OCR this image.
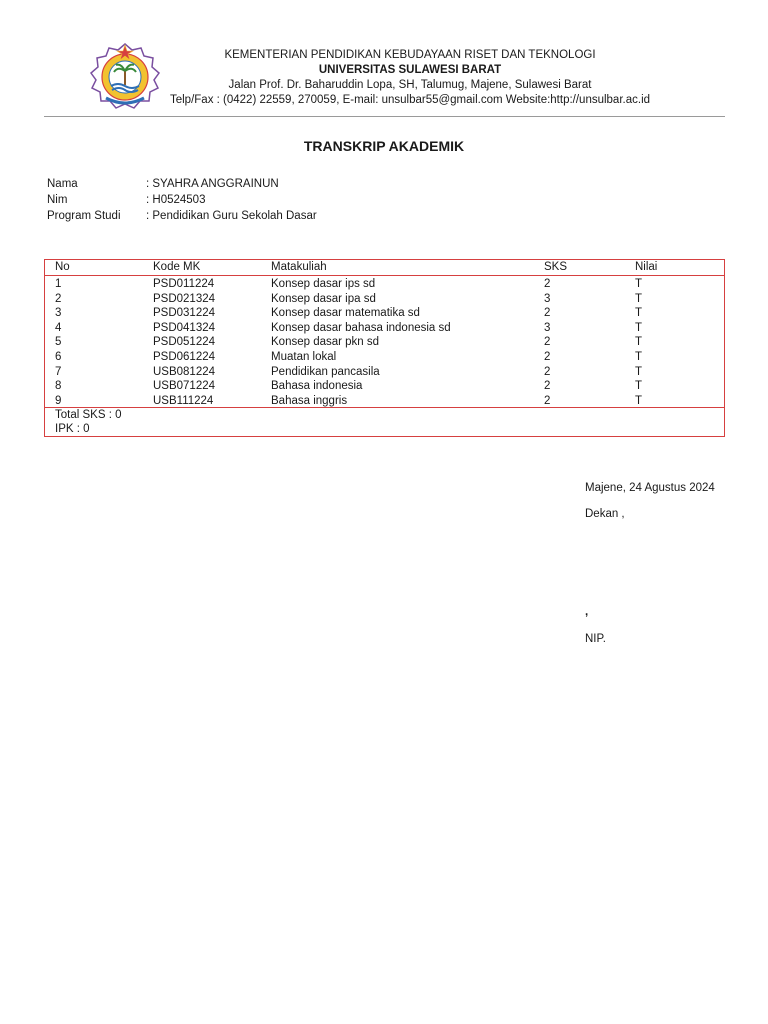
KEMENTERIAN PENDIDIKAN KEBUDAYAAN RISET DAN TEKNOLOGI
UNIVERSITAS SULAWESI BARAT
Jalan Prof. Dr. Baharuddin Lopa, SH, Talumug, Majene, Sulawesi Barat
Telp/Fax : (0422) 22559, 270059, E-mail: unsulbar55@gmail.com Website:http://unsulbar.ac.id
TRANSKRIP AKADEMIK
Nama	: SYAHRA ANGGRAINUN
Nim	: H0524503
Program Studi	: Pendidikan Guru Sekolah Dasar
No	Kode MK	Matakuliah	SKS	Nilai
1	PSD011224	Konsep dasar ips sd	2	T
2	PSD021324	Konsep dasar ipa sd	3	T
3	PSD031224	Konsep dasar matematika sd	2	T
4	PSD041324	Konsep dasar bahasa indonesia sd	3	T
5	PSD051224	Konsep dasar pkn sd	2	T
6	PSD061224	Muatan lokal	2	T
7	USB081224	Pendidikan pancasila	2	T
8	USB071224	Bahasa indonesia	2	T
9	USB111224	Bahasa inggris	2	T
Total SKS : 0
IPK : 0
Majene, 24 Agustus 2024
Dekan ,
,
NIP.
